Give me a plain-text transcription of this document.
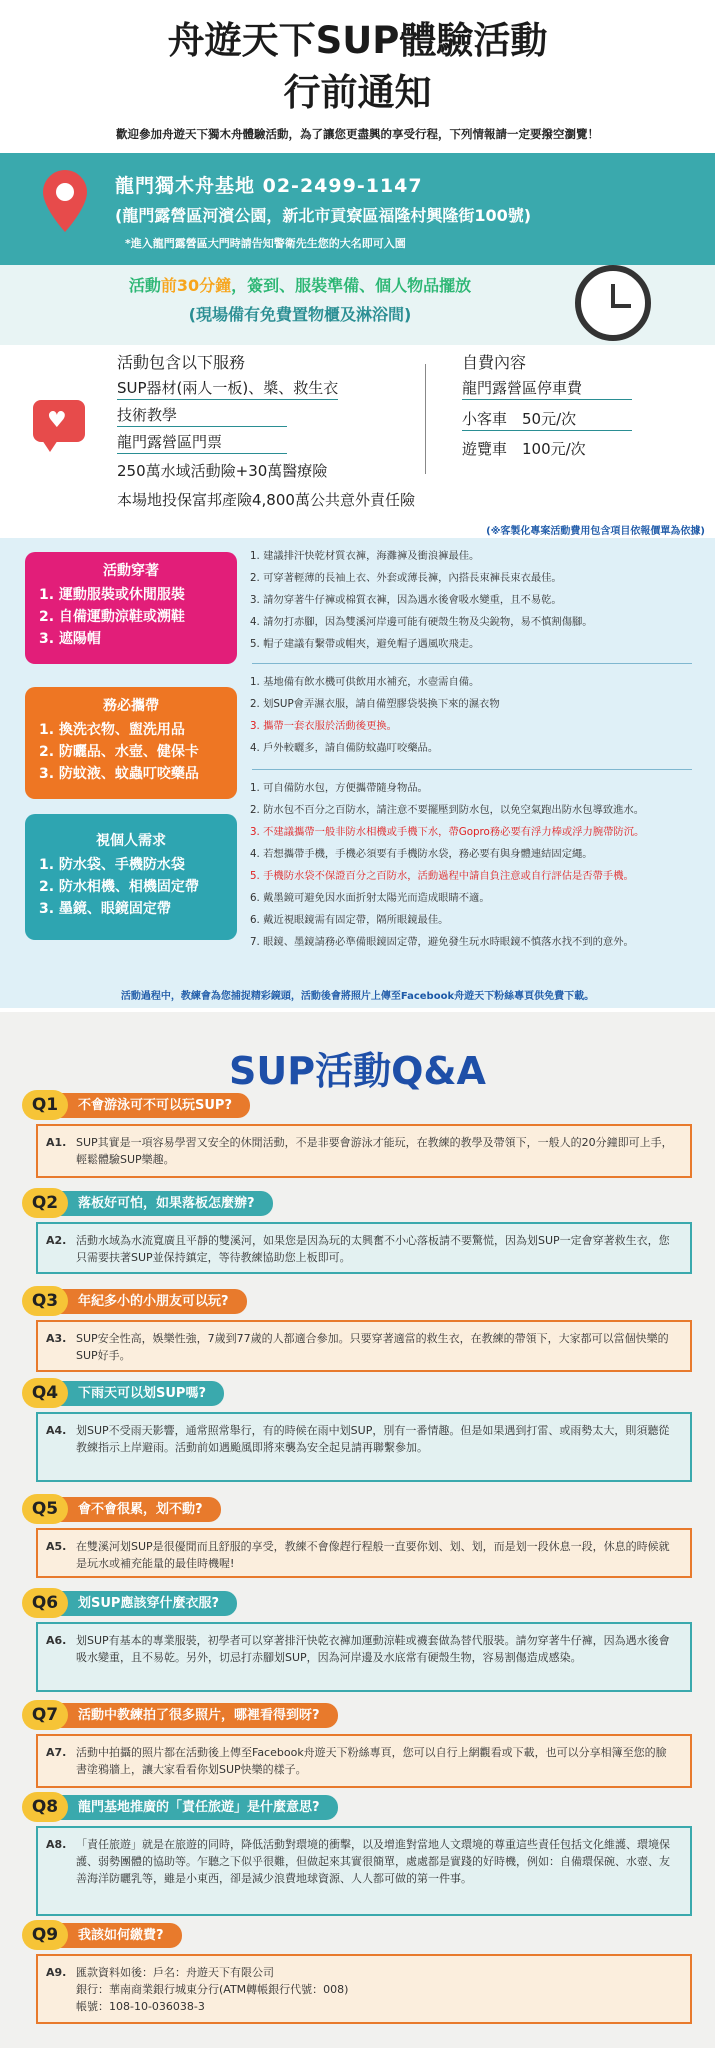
舟遊天下SUP體驗活動
行前通知
歡迎參加舟遊天下獨木舟體驗活動，為了讓您更盡興的享受行程，下列情報請一定要撥空瀏覽！
龍門獨木舟基地 02-2499-1147
(龍門露營區河濱公園，新北市貢寮區福隆村興隆街100號)
*進入龍門露營區大門時請告知警衛先生您的大名即可入園
活動前30分鐘，簽到、服裝準備、個人物品擺放
(現場備有免費置物櫃及淋浴間)
♥
活動包含以下服務
SUP器材(兩人一板)、槳、救生衣
技術教學
龍門露營區門票
250萬水域活動險+30萬醫療險
本場地投保富邦產險4,800萬公共意外責任險
自費內容
龍門露營區停車費
小客車　50元/次
遊覽車　100元/次
(※客製化專案活動費用包含項目依報價單為依據)
活動穿著
1. 運動服裝或休閒服裝
2. 自備運動涼鞋或溯鞋
3. 遮陽帽
務必攜帶
1. 換洗衣物、盥洗用品
2. 防曬品、水壺、健保卡
3. 防蚊液、蚊蟲叮咬藥品
視個人需求
1. 防水袋、手機防水袋
2. 防水相機、相機固定帶
3. 墨鏡、眼鏡固定帶
1. 建議排汗快乾材質衣褲，海灘褲及衝浪褲最佳。
2. 可穿著輕薄的長袖上衣、外套或薄長褲，內搭長束褲長束衣最佳。
3. 請勿穿著牛仔褲或棉質衣褲，因為遇水後會吸水變重，且不易乾。
4. 請勿打赤腳，因為雙溪河岸邊可能有硬殼生物及尖銳物，易不慎割傷腳。
5. 帽子建議有繫帶或帽夾，避免帽子遇風吹飛走。
1. 基地備有飲水機可供飲用水補充，水壺需自備。
2. 划SUP會弄濕衣服，請自備塑膠袋裝換下來的濕衣物
3. 攜帶一套衣服於活動後更換。
4. 戶外較曬多，請自備防蚊蟲叮咬藥品。
1. 可自備防水包，方便攜帶隨身物品。
2. 防水包不百分之百防水，請注意不要擺壓到防水包，以免空氣跑出防水包導致進水。
3. 不建議攜帶一般非防水相機或手機下水，帶Gopro務必要有浮力棒或浮力腕帶防沉。
4. 若想攜帶手機，手機必須要有手機防水袋，務必要有與身體連結固定繩。
5. 手機防水袋不保證百分之百防水，活動過程中請自負注意或自行評估是否帶手機。
6. 戴墨鏡可避免因水面折射太陽光而造成眼睛不適。
6. 戴近視眼鏡需有固定帶，隔所眼鏡最佳。
7. 眼鏡、墨鏡請務必準備眼鏡固定帶，避免發生玩水時眼鏡不慎落水找不到的意外。
活動過程中，教練會為您捕捉精彩鏡頭，活動後會將照片上傳至Facebook舟遊天下粉絲專頁供免費下載。
SUP活動Q&A
A1. SUP其實是一項容易學習又安全的休閒活動，不是非要會游泳才能玩，在教練的教學及帶領下，一般人的20分鐘即可上手，輕鬆體驗SUP樂趣。
不會游泳可不可以玩SUP?
Q1
A2. 活動水域為水流寬廣且平靜的雙溪河，如果您是因為玩的太興奮不小心落板請不要驚慌，因為划SUP一定會穿著救生衣，您只需要扶著SUP並保持鎮定，等待教練協助您上板即可。
落板好可怕，如果落板怎麼辦?
Q2
A3. SUP安全性高，娛樂性強，7歲到77歲的人都適合參加。只要穿著適當的救生衣，在教練的帶領下，大家都可以當個快樂的SUP好手。
年紀多小的小朋友可以玩?
Q3
A4. 划SUP不受雨天影響，通常照常舉行，有的時候在雨中划SUP，別有一番情趣。但是如果遇到打雷、或雨勢太大，則須聽從教練指示上岸避雨。活動前如遇颱風即將來襲為安全起見請再聯繫參加。
下雨天可以划SUP嗎?
Q4
A5. 在雙溪河划SUP是很優閒而且舒服的享受，教練不會像趕行程般一直要你划、划、划，而是划一段休息一段，休息的時候就是玩水或補充能量的最佳時機喔!
會不會很累，划不動?
Q5
A6. 划SUP有基本的專業服裝，初學者可以穿著排汗快乾衣褲加運動涼鞋或襪套做為替代服裝。請勿穿著牛仔褲，因為遇水後會吸水變重，且不易乾。另外，切忌打赤腳划SUP，因為河岸邊及水底常有硬殼生物，容易割傷造成感染。
划SUP應該穿什麼衣服?
Q6
A7. 活動中拍攝的照片都在活動後上傳至Facebook舟遊天下粉絲專頁，您可以自行上網觀看或下載，也可以分享相簿至您的臉書塗鴉牆上，讓大家看看你划SUP快樂的樣子。
活動中教練拍了很多照片，哪裡看得到呀?
Q7
A8. 「責任旅遊」就是在旅遊的同時，降低活動對環境的衝擊，以及增進對當地人文環境的尊重這些責任包括文化維護、環境保護、弱勢團體的協助等。乍聽之下似乎很難，但做起來其實很簡單，處處都是實踐的好時機，例如：自備環保碗、水壺、友善海洋防曬乳等，雖是小東西，卻是減少浪費地球資源、人人都可做的第一件事。
龍門基地推廣的「責任旅遊」是什麼意思?
Q8
A9. 匯款資料如後：戶名：舟遊天下有限公司
銀行：華南商業銀行城東分行(ATM轉帳銀行代號：008)
帳號：108-10-036038-3
我該如何繳費?
Q9
